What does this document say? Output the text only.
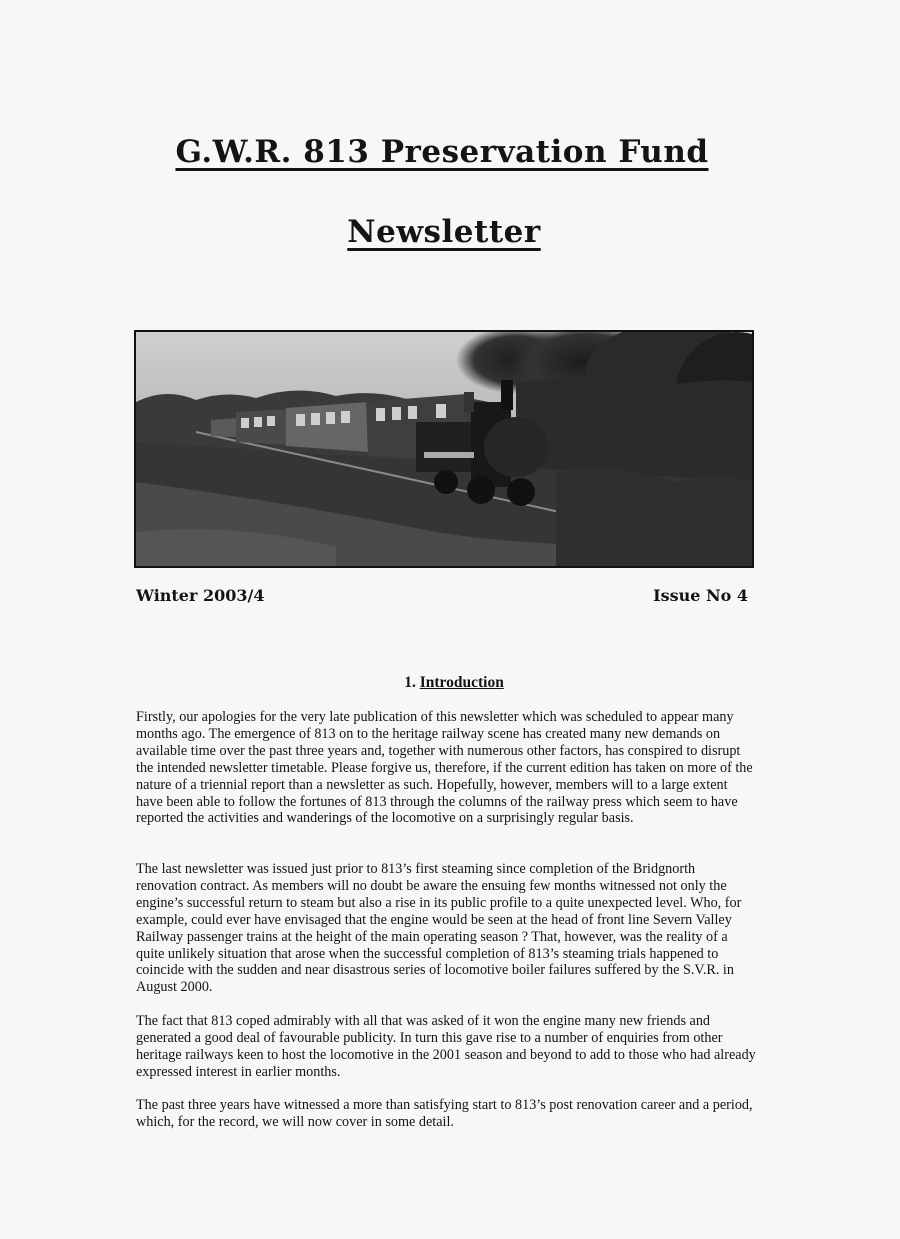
G.W.R. 813 Preservation Fund
Newsletter
Winter 2003/4	Issue No 4
1. Introduction

Firstly, our apologies for the very late publication of this newsletter which was scheduled to appear many months ago. The emergence of 813 on to the heritage railway scene has created many new demands on available time over the past three years and, together with numerous other factors, has conspired to disrupt the intended newsletter timetable. Please forgive us, therefore, if the current edition has taken on more of the nature of a triennial report than a newsletter as such. Hopefully, however, members will to a large extent have been able to follow the fortunes of 813 through the columns of the railway press which seem to have reported the activities and wanderings of the locomotive on a surprisingly regular basis.

The last newsletter was issued just prior to 813’s first steaming since completion of the Bridgnorth renovation contract. As members will no doubt be aware the ensuing few months witnessed not only the engine’s successful return to steam but also a rise in its public profile to a quite unexpected level. Who, for example, could ever have envisaged that the engine would be seen at the head of front line Severn Valley Railway passenger trains at the height of the main operating season ? That, however, was the reality of a quite unlikely situation that arose when the successful completion of 813’s steaming trials happened to coincide with the sudden and near disastrous series of locomotive boiler failures suffered by the S.V.R. in August 2000.

The fact that 813 coped admirably with all that was asked of it won the engine many new friends and generated a good deal of favourable publicity. In turn this gave rise to a number of enquiries from other heritage railways keen to host the locomotive in the 2001 season and beyond to add to those who had already expressed interest in earlier months.

The past three years have witnessed a more than satisfying start to 813’s post renovation career and a period, which, for the record, we will now cover in some detail.
